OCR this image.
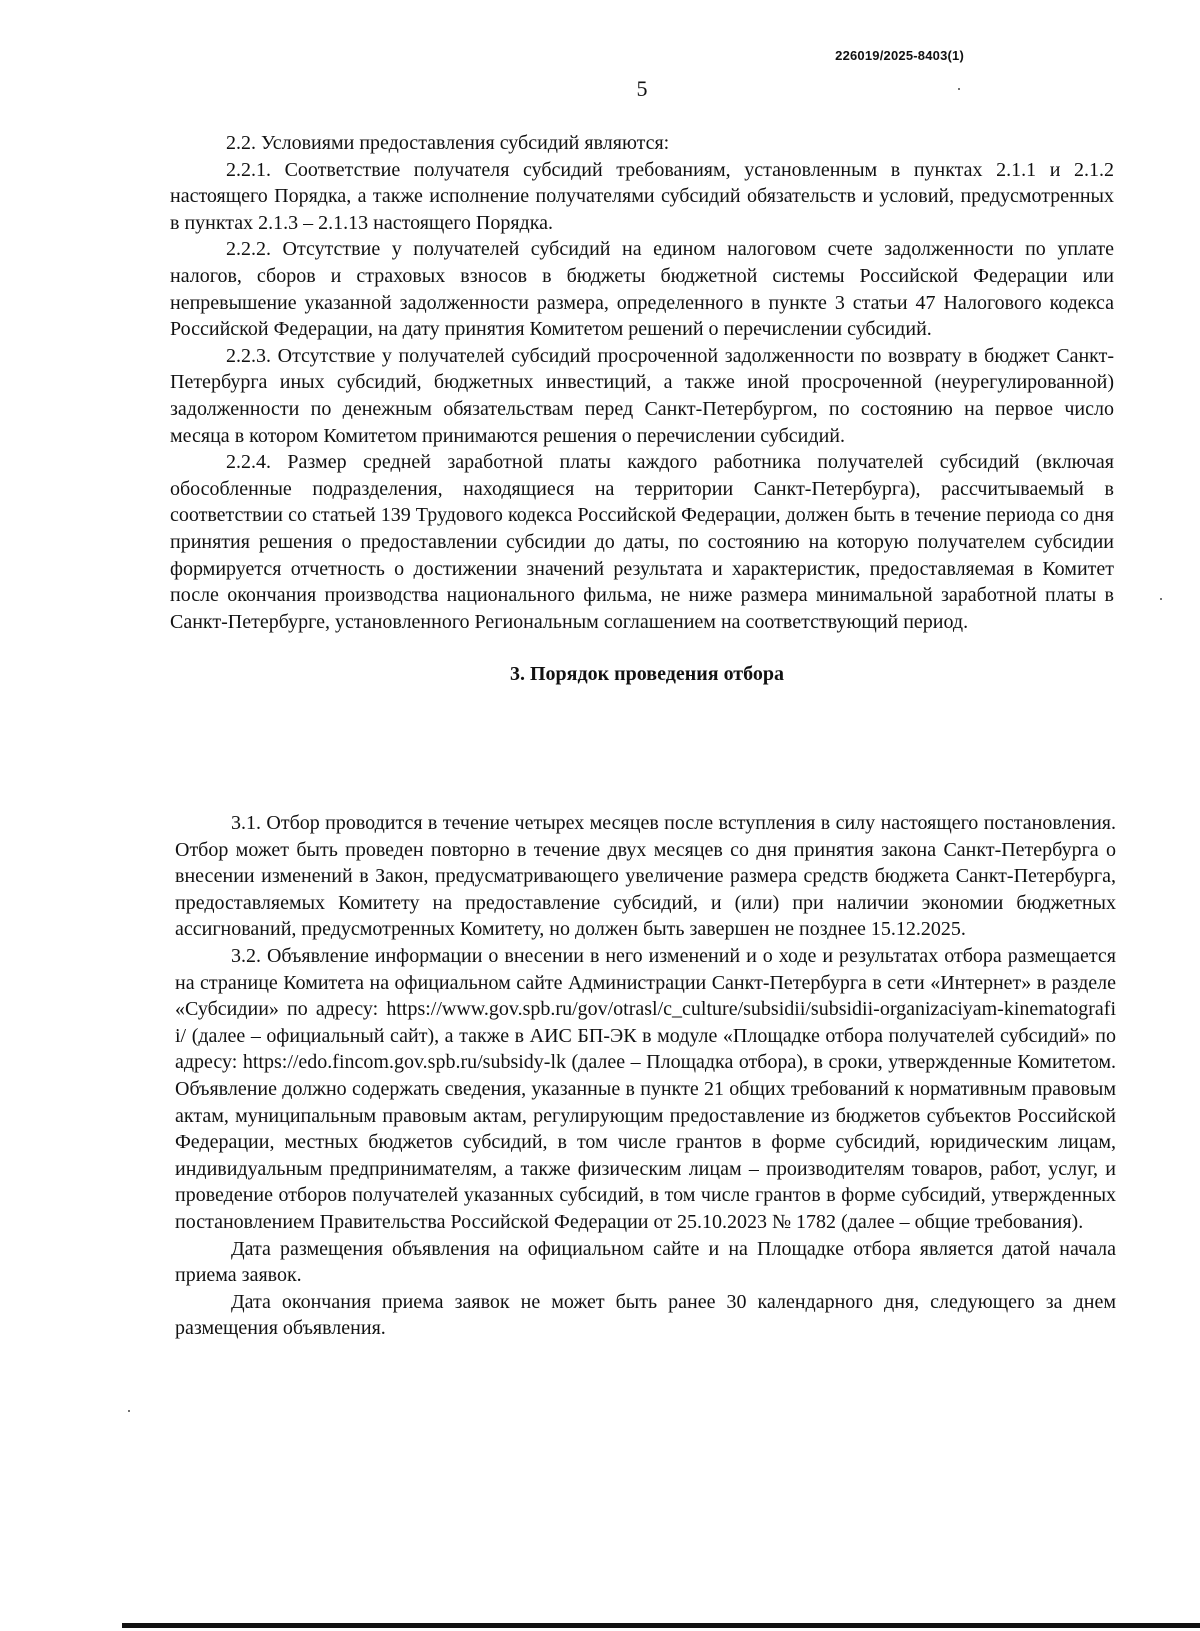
226019/2025-8403(1)
5

2.2. Условиями предоставления субсидий являются:

2.2.1. Соответствие получателя субсидий требованиям, установленным в пунктах 2.1.1 и 2.1.2 настоящего Порядка, а также исполнение получателями субсидий обязательств и условий, предусмотренных в пунктах 2.1.3 – 2.1.13 настоящего Порядка.

2.2.2. Отсутствие у получателей субсидий на едином налоговом счете задолженности по уплате налогов, сборов и страховых взносов в бюджеты бюджетной системы Российской Федерации или непревышение указанной задолженности размера, определенного в пункте 3 статьи 47 Налогового кодекса Российской Федерации, на дату принятия Комитетом решений о перечислении субсидий.

2.2.3. Отсутствие у получателей субсидий просроченной задолженности по возврату в бюджет Санкт-Петербурга иных субсидий, бюджетных инвестиций, а также иной просроченной (неурегулированной) задолженности по денежным обязательствам перед Санкт-Петербургом, по состоянию на первое число месяца в котором Комитетом принимаются решения о перечислении субсидий.

2.2.4. Размер средней заработной платы каждого работника получателей субсидий (включая обособленные подразделения, находящиеся на территории Санкт-Петербурга), рассчитываемый в соответствии со статьей 139 Трудового кодекса Российской Федерации, должен быть в течение периода со дня принятия решения о предоставлении субсидии до даты, по состоянию на которую получателем субсидии формируется отчетность о достижении значений результата и характеристик, предоставляемая в Комитет после окончания производства национального фильма, не ниже размера минимальной заработной платы в Санкт-Петербурге, установленного Региональным соглашением на соответствующий период.

3. Порядок проведения отбора

3.1. Отбор проводится в течение четырех месяцев после вступления в силу настоящего постановления. Отбор может быть проведен повторно в течение двух месяцев со дня принятия закона Санкт-Петербурга о внесении изменений в Закон, предусматривающего увеличение размера средств бюджета Санкт-Петербурга, предоставляемых Комитету на предоставление субсидий, и (или) при наличии экономии бюджетных ассигнований, предусмотренных Комитету, но должен быть завершен не позднее 15.12.2025.

3.2. Объявление информации о внесении в него изменений и о ходе и результатах отбора размещается на странице Комитета на официальном сайте Администрации Санкт-Петербурга в сети «Интернет» в разделе «Субсидии» по адресу: https://www.gov.spb.ru/gov/otrasl/c_culture/subsidii/subsidii-organizaciyam-kinematografii/ (далее – официальный сайт), а также в АИС БП-ЭК в модуле «Площадке отбора получателей субсидий» по адресу: https://edo.fincom.gov.spb.ru/subsidy-lk (далее – Площадка отбора), в сроки, утвержденные Комитетом. Объявление должно содержать сведения, указанные в пункте 21 общих требований к нормативным правовым актам, муниципальным правовым актам, регулирующим предоставление из бюджетов субъектов Российской Федерации, местных бюджетов субсидий, в том числе грантов в форме субсидий, юридическим лицам, индивидуальным предпринимателям, а также физическим лицам – производителям товаров, работ, услуг, и проведение отборов получателей указанных субсидий, в том числе грантов в форме субсидий, утвержденных постановлением Правительства Российской Федерации от 25.10.2023 № 1782 (далее – общие требования).

Дата размещения объявления на официальном сайте и на Площадке отбора является датой начала приема заявок.

Дата окончания приема заявок не может быть ранее 30 календарного дня, следующего за днем размещения объявления.
